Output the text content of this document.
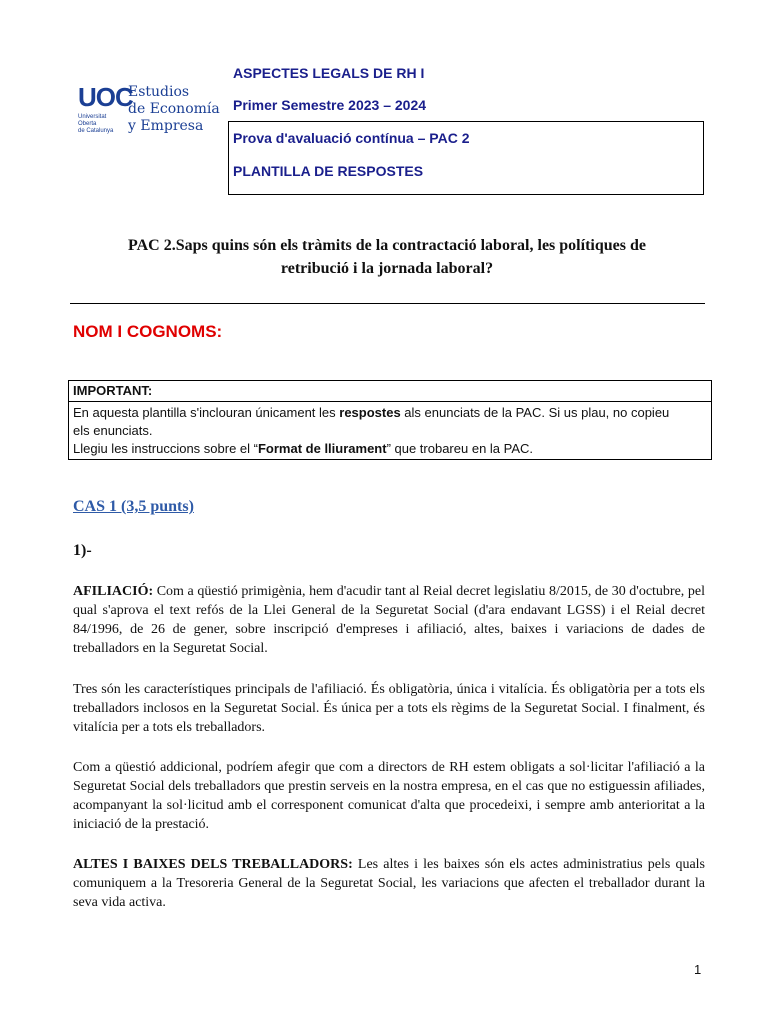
UOC
Universitat
Oberta
de Catalunya
Estudios
de Economía
y Empresa
ASPECTES LEGALS DE RH I
Primer Semestre 2023 – 2024
Prova d'avaluació contínua – PAC 2
PLANTILLA DE RESPOSTES
PAC 2.Saps quins són els tràmits de la contractació laboral, les polítiques de
retribució i la jornada laboral?
NOM I COGNOMS:
IMPORTANT:
En aquesta plantilla s'inclouran únicament les respostes als enunciats de la PAC. Si us plau, no copieu
els enunciats.
Llegiu les instruccions sobre el “Format de lliurament” que trobareu en la PAC.
CAS 1 (3,5 punts)
1)-
AFILIACIÓ: Com a qüestió primigènia, hem d'acudir tant al Reial decret legislatiu 8/2015, de 30 d'octubre, pel qual s'aprova el text refós de la Llei General de la Seguretat Social (d'ara endavant LGSS) i el Reial decret 84/1996, de 26 de gener, sobre inscripció d'empreses i afiliació, altes, baixes i variacions de dades de treballadors en la Seguretat Social.
Tres són les característiques principals de l'afiliació. És obligatòria, única i vitalícia. És obligatòria per a tots els treballadors inclosos en la Seguretat Social. És única per a tots els règims de la Seguretat Social. I finalment, és vitalícia per a tots els treballadors.
Com a qüestió addicional, podríem afegir que com a directors de RH estem obligats a sol·licitar l'afiliació a la Seguretat Social dels treballadors que prestin serveis en la nostra empresa, en el cas que no estiguessin afiliades, acompanyant la sol·licitud amb el corresponent comunicat d'alta que procedeixi, i sempre amb anterioritat a la iniciació de la prestació.
ALTES I BAIXES DELS TREBALLADORS: Les altes i les baixes són els actes administratius pels quals comuniquem a la Tresoreria General de la Seguretat Social, les variacions que afecten el treballador durant la seva vida activa.
1
